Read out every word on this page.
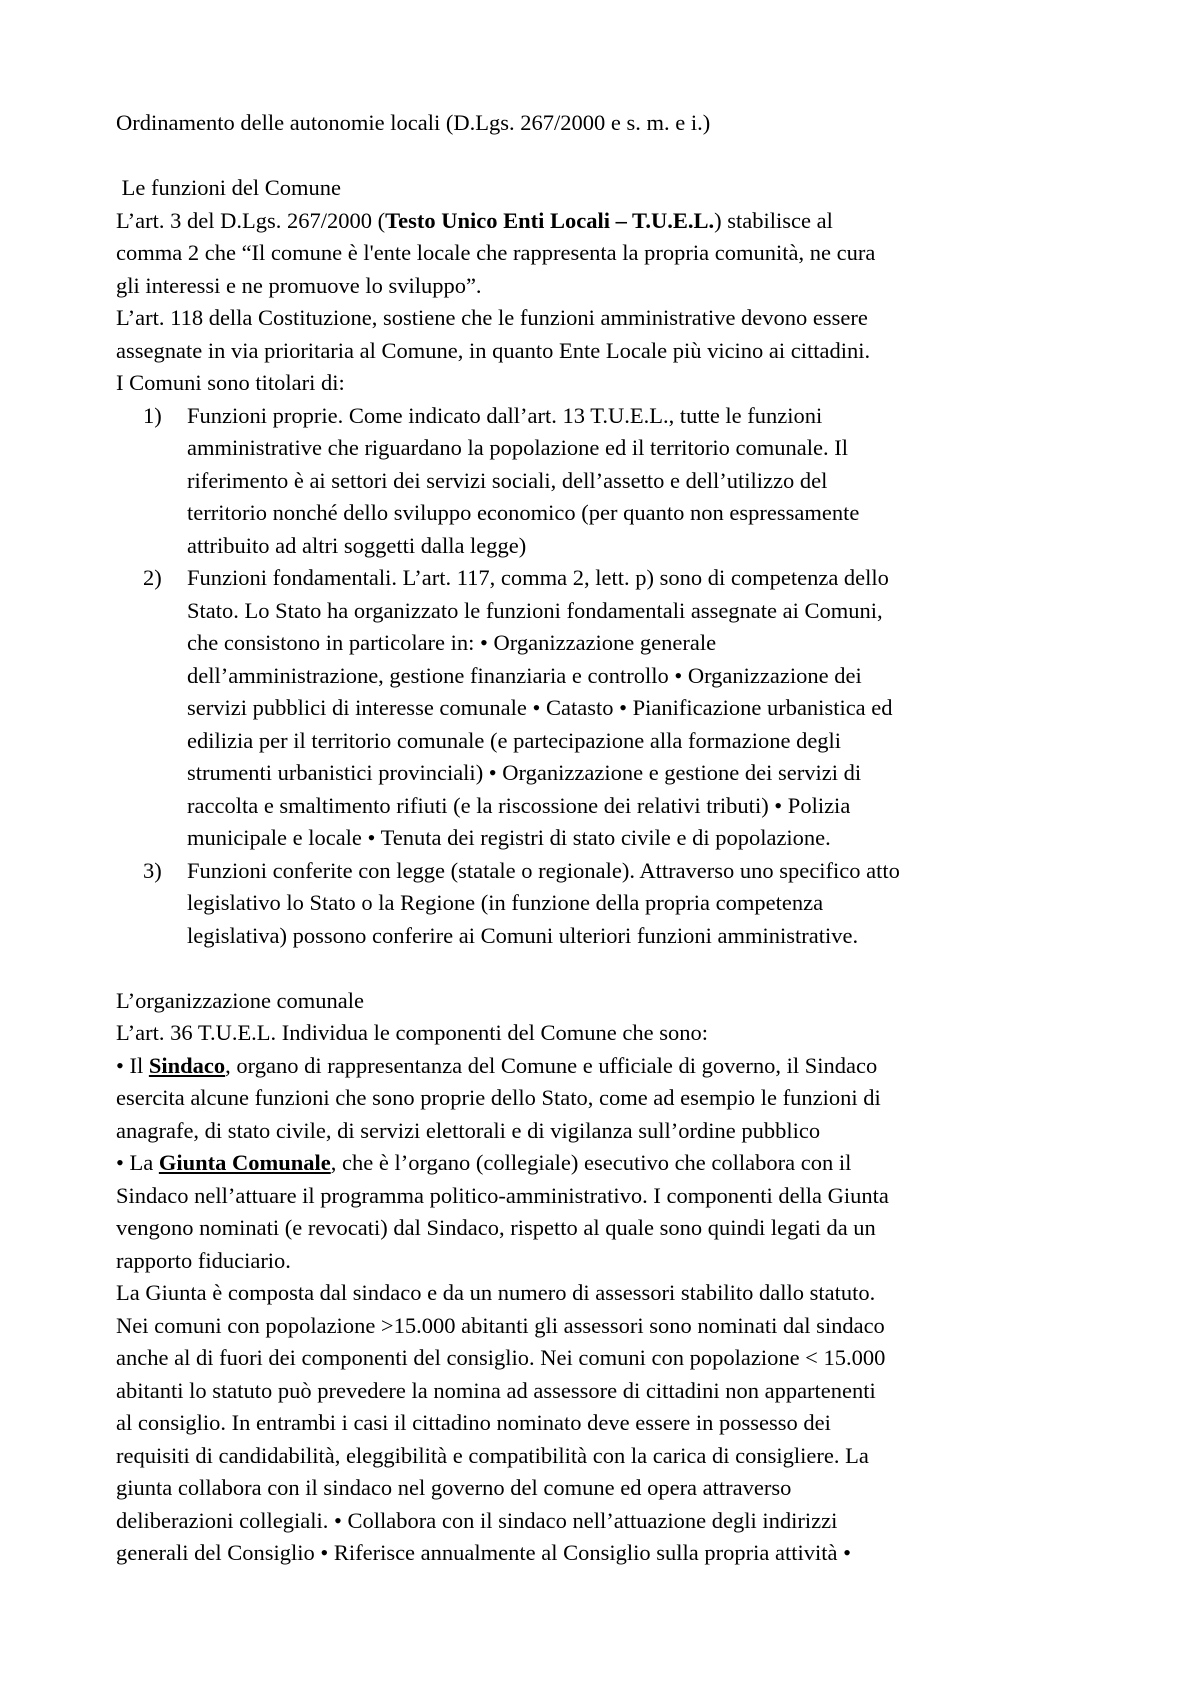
Ordinamento delle autonomie locali (D.Lgs. 267/2000 e s. m. e i.)
Le funzioni del Comune
L’art. 3 del D.Lgs. 267/2000 (Testo Unico Enti Locali – T.U.E.L.) stabilisce al
comma 2 che “Il comune è l'ente locale che rappresenta la propria comunità, ne cura
gli interessi e ne promuove lo sviluppo”.
L’art. 118 della Costituzione, sostiene che le funzioni amministrative devono essere
assegnate in via prioritaria al Comune, in quanto Ente Locale più vicino ai cittadini.
I Comuni sono titolari di:
1) Funzioni proprie. Come indicato dall’art. 13 T.U.E.L., tutte le funzioni
amministrative che riguardano la popolazione ed il territorio comunale. Il
riferimento è ai settori dei servizi sociali, dell’assetto e dell’utilizzo del
territorio nonché dello sviluppo economico (per quanto non espressamente
attribuito ad altri soggetti dalla legge)
2) Funzioni fondamentali. L’art. 117, comma 2, lett. p) sono di competenza dello
Stato. Lo Stato ha organizzato le funzioni fondamentali assegnate ai Comuni,
che consistono in particolare in: • Organizzazione generale
dell’amministrazione, gestione finanziaria e controllo • Organizzazione dei
servizi pubblici di interesse comunale • Catasto • Pianificazione urbanistica ed
edilizia per il territorio comunale (e partecipazione alla formazione degli
strumenti urbanistici provinciali) • Organizzazione e gestione dei servizi di
raccolta e smaltimento rifiuti (e la riscossione dei relativi tributi) • Polizia
municipale e locale • Tenuta dei registri di stato civile e di popolazione.
3) Funzioni conferite con legge (statale o regionale). Attraverso uno specifico atto
legislativo lo Stato o la Regione (in funzione della propria competenza
legislativa) possono conferire ai Comuni ulteriori funzioni amministrative.
L’organizzazione comunale
L’art. 36 T.U.E.L. Individua le componenti del Comune che sono:
• Il Sindaco, organo di rappresentanza del Comune e ufficiale di governo, il Sindaco
esercita alcune funzioni che sono proprie dello Stato, come ad esempio le funzioni di
anagrafe, di stato civile, di servizi elettorali e di vigilanza sull’ordine pubblico
• La Giunta Comunale, che è l’organo (collegiale) esecutivo che collabora con il
Sindaco nell’attuare il programma politico-amministrativo. I componenti della Giunta
vengono nominati (e revocati) dal Sindaco, rispetto al quale sono quindi legati da un
rapporto fiduciario.
La Giunta è composta dal sindaco e da un numero di assessori stabilito dallo statuto.
Nei comuni con popolazione >15.000 abitanti gli assessori sono nominati dal sindaco
anche al di fuori dei componenti del consiglio. Nei comuni con popolazione < 15.000
abitanti lo statuto può prevedere la nomina ad assessore di cittadini non appartenenti
al consiglio. In entrambi i casi il cittadino nominato deve essere in possesso dei
requisiti di candidabilità, eleggibilità e compatibilità con la carica di consigliere. La
giunta collabora con il sindaco nel governo del comune ed opera attraverso
deliberazioni collegiali. • Collabora con il sindaco nell’attuazione degli indirizzi
generali del Consiglio • Riferisce annualmente al Consiglio sulla propria attività •
